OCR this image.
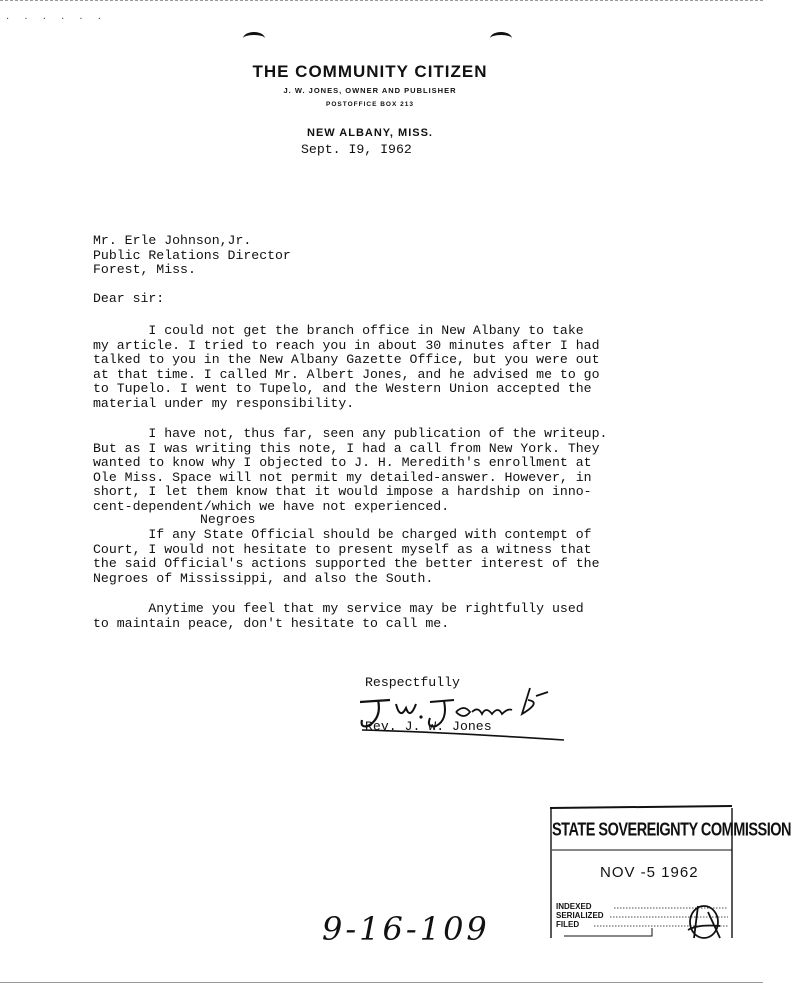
· · · · · ·
THE COMMUNITY CITIZEN
J. W. JONES, OWNER AND PUBLISHER
POSTOFFICE BOX 213
NEW ALBANY, MISS.
Sept. I9, I962
Mr. Erle Johnson,Jr.
Public Relations Director
Forest, Miss.
Dear sir:
I could not get the branch office in New Albany to take
my article. I tried to reach you in about 30 minutes after I had
talked to you in the New Albany Gazette Office, but you were out
at that time. I called Mr. Albert Jones, and he advised me to go
to Tupelo. I went to Tupelo, and the Western Union accepted the
material under my responsibility.
I have not, thus far, seen any publication of the writeup.
But as I was writing this note, I had a call from New York. They
wanted to know why I objected to J. H. Meredith's enrollment at
Ole Miss. Space will not permit my detailed-answer. However, in
short, I let them know that it would impose a hardship on inno-
cent-dependent/which we have not experienced.
Negroes
If any State Official should be charged with contempt of
Court, I would not hesitate to present myself as a witness that
the said Official's actions supported the better interest of the
Negroes of Mississippi, and also the South.
Anytime you feel that my service may be rightfully used
to maintain peace, don't hesitate to call me.
Respectfully
Rev. J. W. Jones
9-16-109
STATE SOVEREIGNTY COMMISSION
NOV -5 1962
INDEXED
SERIALIZED
FILED
